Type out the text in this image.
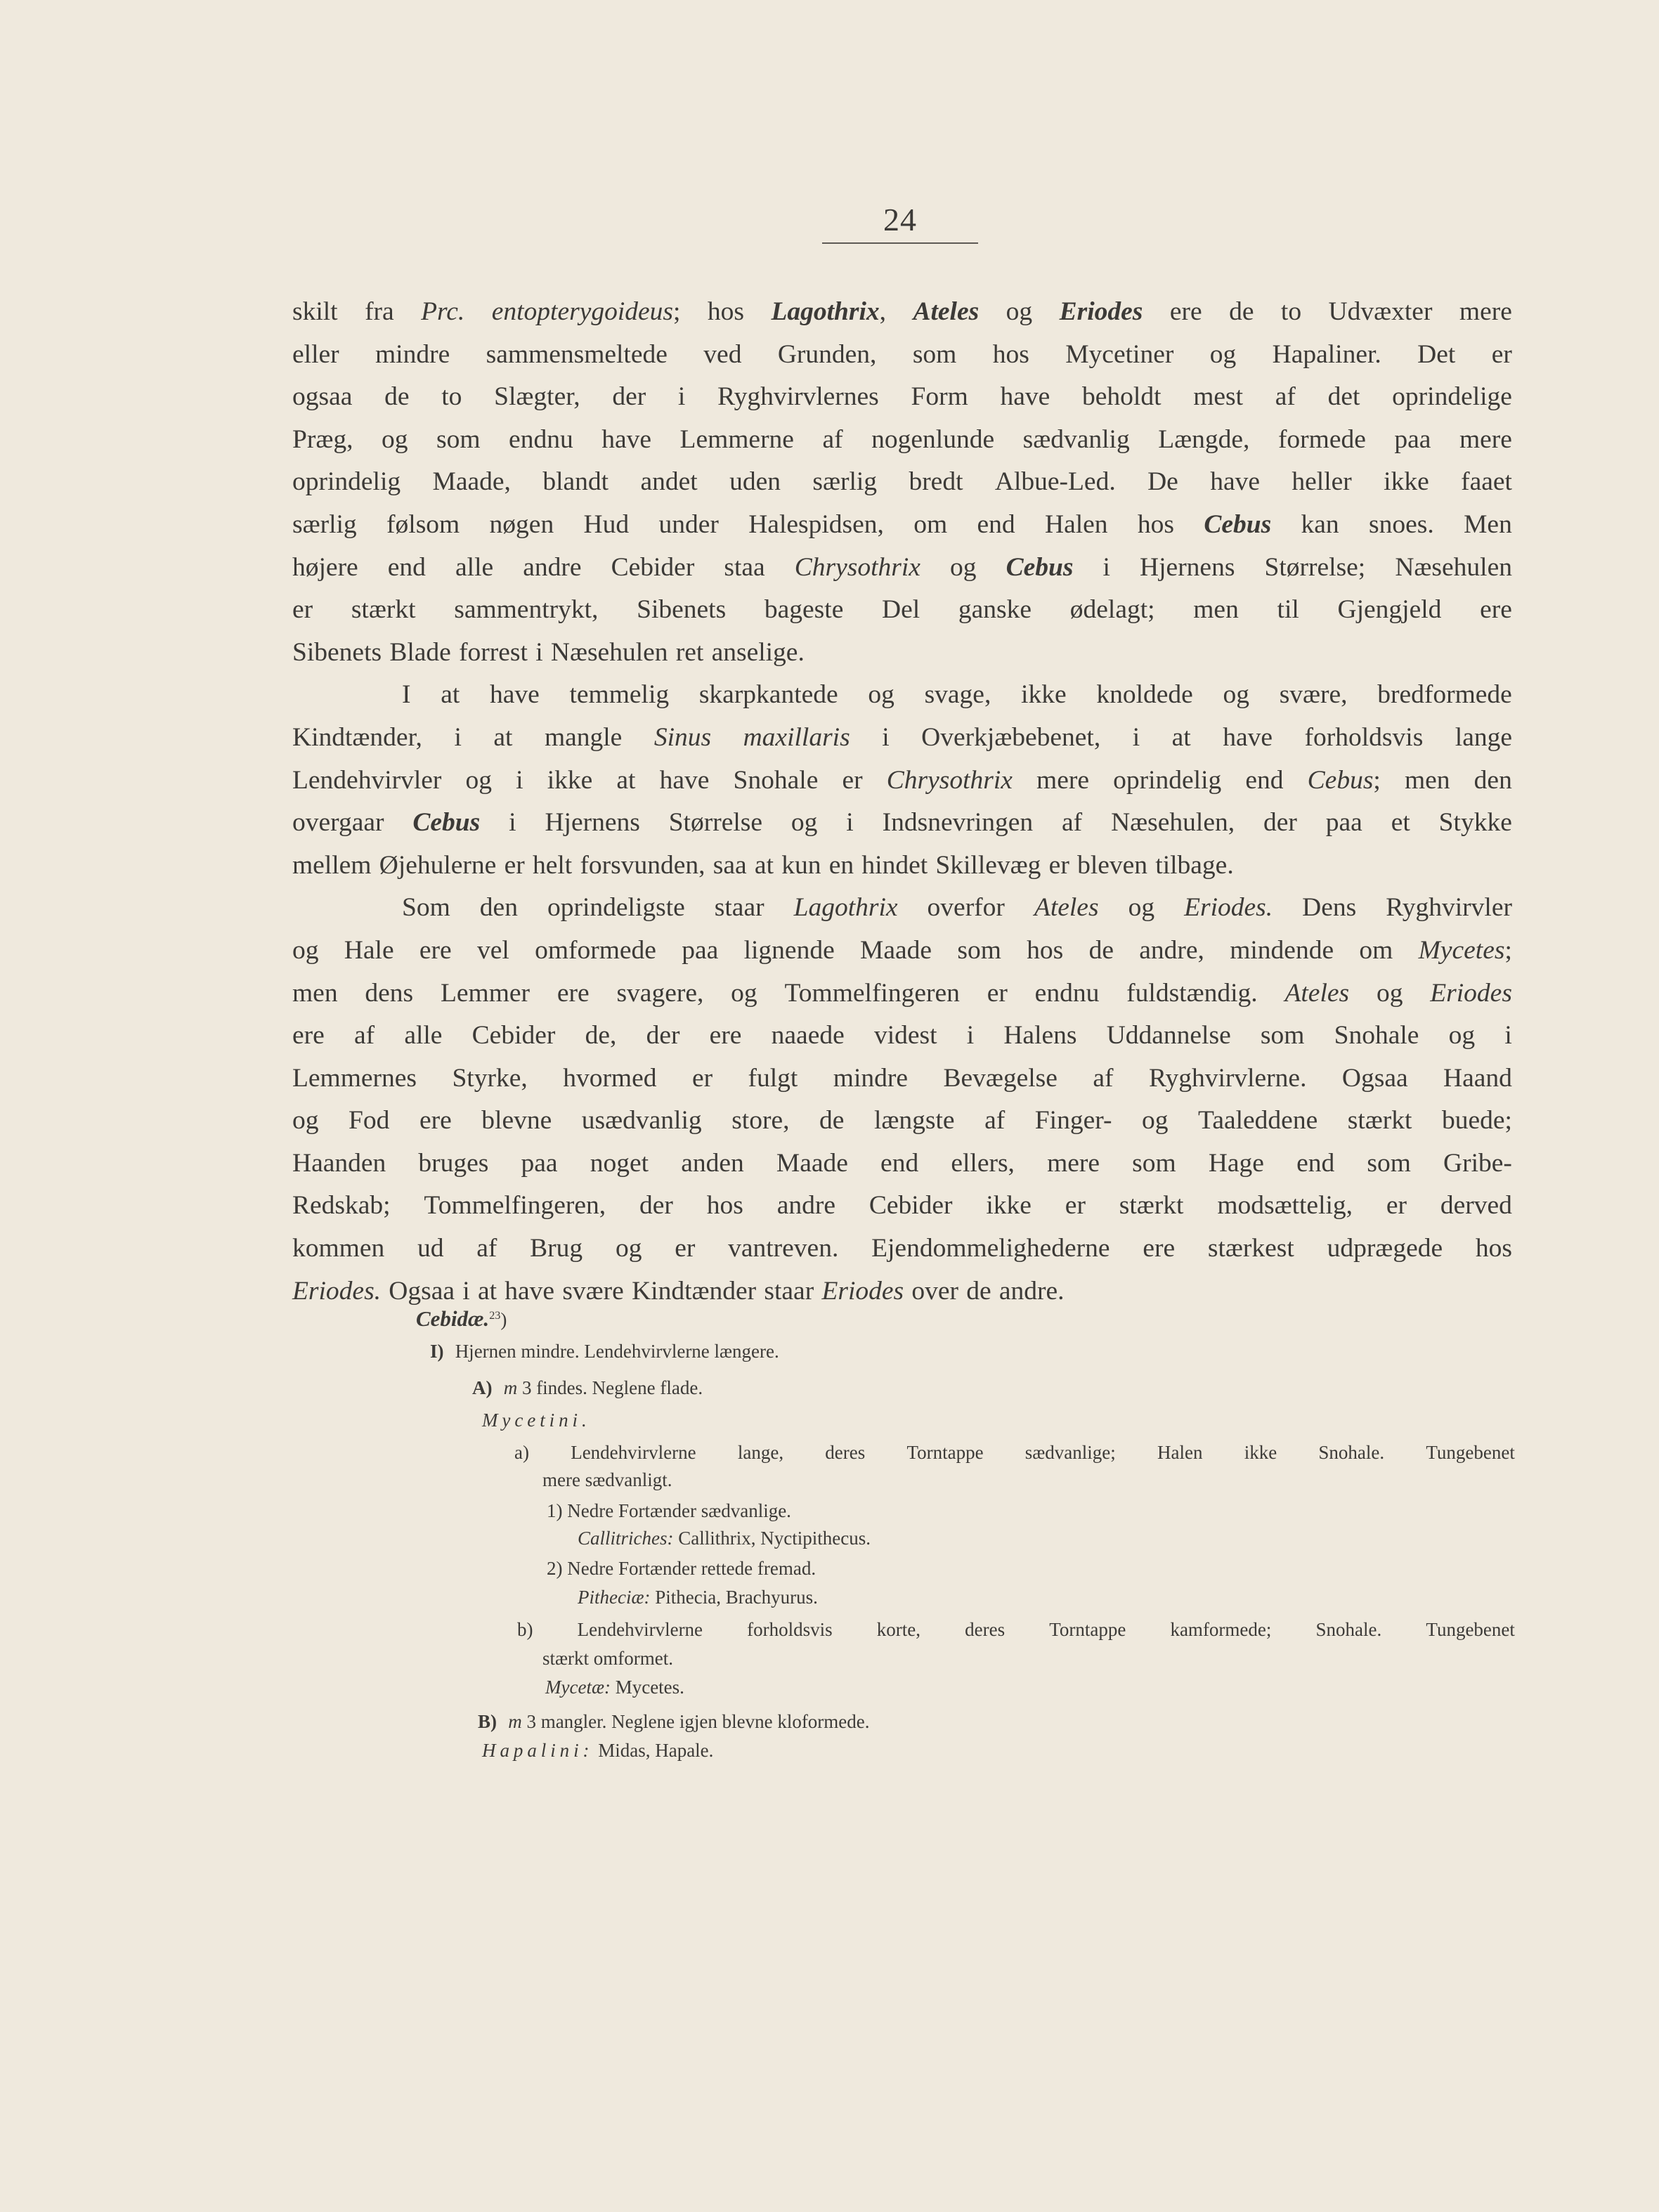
24
skilt fra Prc. entopterygoideus; hos Lagothrix, Ateles og Eriodes ere de to Udvæxter mere
eller mindre sammensmeltede ved Grunden, som hos Mycetiner og Hapaliner. Det er
ogsaa de to Slægter, der i Ryghvirvlernes Form have beholdt mest af det oprindelige
Præg, og som endnu have Lemmerne af nogenlunde sædvanlig Længde, formede paa mere
oprindelig Maade, blandt andet uden særlig bredt Albue-Led. De have heller ikke faaet
særlig følsom nøgen Hud under Halespidsen, om end Halen hos Cebus kan snoes. Men
højere end alle andre Cebider staa Chrysothrix og Cebus i Hjernens Størrelse; Næsehulen
er stærkt sammentrykt, Sibenets bageste Del ganske ødelagt; men til Gjengjeld ere
Sibenets Blade forrest i Næsehulen ret anselige.
I at have temmelig skarpkantede og svage, ikke knoldede og svære, bredformede
Kindtænder, i at mangle Sinus maxillaris i Overkjæbebenet, i at have forholdsvis lange
Lendehvirvler og i ikke at have Snohale er Chrysothrix mere oprindelig end Cebus; men den
overgaar Cebus i Hjernens Størrelse og i Indsnevringen af Næsehulen, der paa et Stykke
mellem Øjehulerne er helt forsvunden, saa at kun en hindet Skillevæg er bleven tilbage.
Som den oprindeligste staar Lagothrix overfor Ateles og Eriodes. Dens Ryghvirvler
og Hale ere vel omformede paa lignende Maade som hos de andre, mindende om Mycetes;
men dens Lemmer ere svagere, og Tommelfingeren er endnu fuldstændig. Ateles og Eriodes
ere af alle Cebider de, der ere naaede videst i Halens Uddannelse som Snohale og i
Lemmernes Styrke, hvormed er fulgt mindre Bevægelse af Ryghvirvlerne. Ogsaa Haand
og Fod ere blevne usædvanlig store, de længste af Finger- og Taaleddene stærkt buede;
Haanden bruges paa noget anden Maade end ellers, mere som Hage end som Gribe-
Redskab; Tommelfingeren, der hos andre Cebider ikke er stærkt modsættelig, er derved
kommen ud af Brug og er vantreven. Ejendommelighederne ere stærkest udprægede hos
Eriodes. Ogsaa i at have svære Kindtænder staar Eriodes over de andre.
Cebidæ.$^{23}$)
I) Hjernen mindre. Lendehvirvlerne længere.
A) m 3 findes. Neglene flade.
Mycetini.
a) Lendehvirvlerne lange, deres Torntappe sædvanlige; Halen ikke Snohale. Tungebenet
mere sædvanligt.
1) Nedre Fortænder sædvanlige.
Callitriches: Callithrix, Nyctipithecus.
2) Nedre Fortænder rettede fremad.
Pitheciæ: Pithecia, Brachyurus.
b) Lendehvirvlerne forholdsvis korte, deres Torntappe kamformede; Snohale. Tungebenet
stærkt omformet.
Mycetæ: Mycetes.
B) m 3 mangler. Neglene igjen blevne kloformede.
Hapalini: Midas, Hapale.
